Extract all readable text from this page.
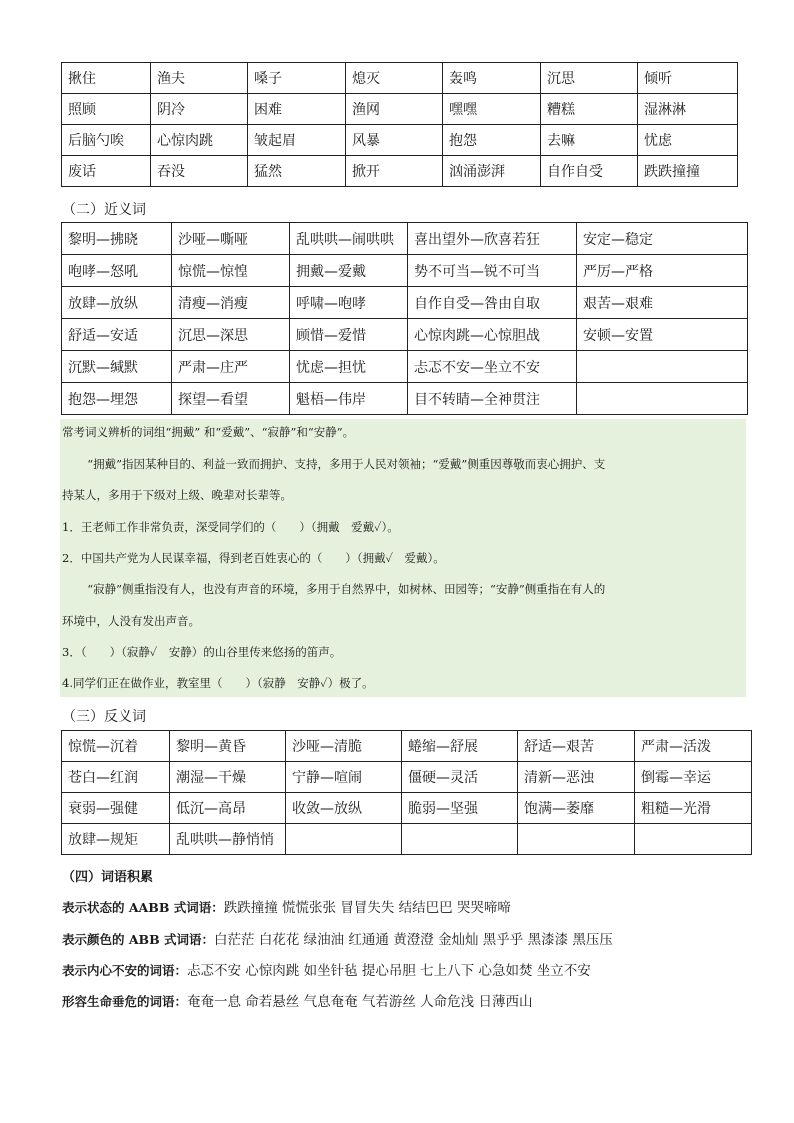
揪住	渔夫	嗓子	熄灭	轰鸣	沉思	倾听
照顾	阴冷	困难	渔网	嘿嘿	糟糕	湿淋淋
后脑勺唉	心惊肉跳	皱起眉	风暴	抱怨	去嘛	忧虑
废话	吞没	猛然	掀开	汹涌澎湃	自作自受	跌跌撞撞
（二）近义词
黎明—拂晓	沙哑—嘶哑	乱哄哄—闹哄哄	喜出望外—欣喜若狂	安定—稳定
咆哮—怒吼	惊慌—惊惶	拥戴—爱戴	势不可当—锐不可当	严厉—严格
放肆—放纵	清瘦—消瘦	呼啸—咆哮	自作自受—咎由自取	艰苦—艰难
舒适—安适	沉思—深思	顾惜—爱惜	心惊肉跳—心惊胆战	安顿—安置
沉默—缄默	严肃—庄严	忧虑—担忧	忐忑不安—坐立不安	
抱怨—埋怨	探望—看望	魁梧—伟岸	目不转睛—全神贯注	
常考词义辨析的词组“拥戴” 和“爱戴”、“寂静”和“安静”。
“拥戴”指因某种目的、利益一致而拥护、支持，多用于人民对领袖；“爱戴”侧重因尊敬而衷心拥护、支
持某人，多用于下级对上级、晚辈对长辈等。
1．王老师工作非常负责，深受同学们的（　　）（拥戴　爱戴✓）。
2．中国共产党为人民谋幸福，得到老百姓衷心的（　　）（拥戴✓　爱戴）。
“寂静”侧重指没有人，也没有声音的环境，多用于自然界中，如树林、田园等；“安静”侧重指在有人的
环境中，人没有发出声音。
3．（　　）（寂静✓　安静）的山谷里传来悠扬的笛声。
4.同学们正在做作业，教室里（　　）（寂静　安静✓）极了。
（三）反义词
惊慌—沉着	黎明—黄昏	沙哑—清脆	蜷缩—舒展	舒适—艰苦	严肃—活泼
苍白—红润	潮湿—干燥	宁静—喧闹	僵硬—灵活	清新—恶浊	倒霉—幸运
衰弱—强健	低沉—高昂	收敛—放纵	脆弱—坚强	饱满—萎靡	粗糙—光滑
放肆—规矩	乱哄哄—静悄悄				
（四）词语积累
表示状态的 AABB 式词语：跌跌撞撞 慌慌张张 冒冒失失 结结巴巴 哭哭啼啼
表示颜色的 ABB 式词语：白茫茫 白花花 绿油油 红通通 黄澄澄 金灿灿 黑乎乎 黑漆漆 黑压压
表示内心不安的词语：忐忑不安 心惊肉跳 如坐针毡 提心吊胆 七上八下 心急如焚 坐立不安
形容生命垂危的词语：奄奄一息 命若悬丝 气息奄奄 气若游丝 人命危浅 日薄西山
